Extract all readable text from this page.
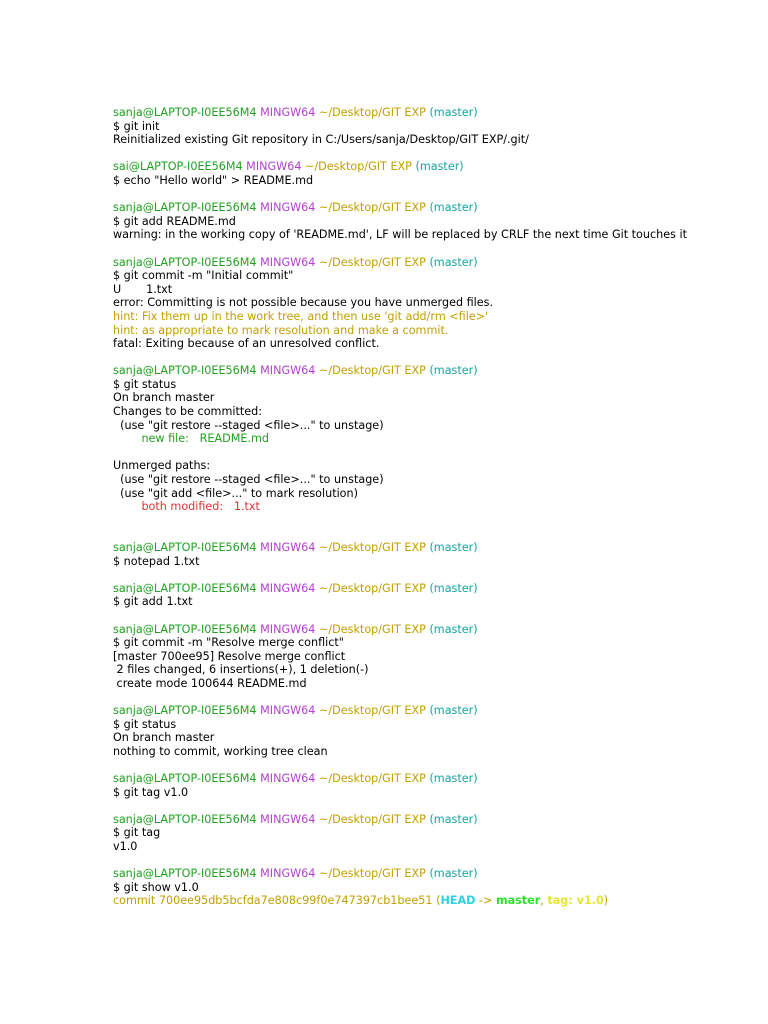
sanja@LAPTOP-I0EE56M4 MINGW64 ~/Desktop/GIT EXP (master)
$ git init
Reinitialized existing Git repository in C:/Users/sanja/Desktop/GIT EXP/.git/
sai@LAPTOP-I0EE56M4 MINGW64 ~/Desktop/GIT EXP (master)
$ echo "Hello world" > README.md
sanja@LAPTOP-I0EE56M4 MINGW64 ~/Desktop/GIT EXP (master)
$ git add README.md
warning: in the working copy of 'README.md', LF will be replaced by CRLF the next time Git touches it
sanja@LAPTOP-I0EE56M4 MINGW64 ~/Desktop/GIT EXP (master)
$ git commit -m "Initial commit"
U       1.txt
error: Committing is not possible because you have unmerged files.
hint: Fix them up in the work tree, and then use 'git add/rm <file>'
hint: as appropriate to mark resolution and make a commit.
fatal: Exiting because of an unresolved conflict.
sanja@LAPTOP-I0EE56M4 MINGW64 ~/Desktop/GIT EXP (master)
$ git status
On branch master
Changes to be committed:
(use "git restore --staged <file>..." to unstage)
new file:   README.md
Unmerged paths:
(use "git restore --staged <file>..." to unstage)
(use "git add <file>..." to mark resolution)
both modified:   1.txt
sanja@LAPTOP-I0EE56M4 MINGW64 ~/Desktop/GIT EXP (master)
$ notepad 1.txt
sanja@LAPTOP-I0EE56M4 MINGW64 ~/Desktop/GIT EXP (master)
$ git add 1.txt
sanja@LAPTOP-I0EE56M4 MINGW64 ~/Desktop/GIT EXP (master)
$ git commit -m "Resolve merge conflict"
[master 700ee95] Resolve merge conflict
2 files changed, 6 insertions(+), 1 deletion(-)
create mode 100644 README.md
sanja@LAPTOP-I0EE56M4 MINGW64 ~/Desktop/GIT EXP (master)
$ git status
On branch master
nothing to commit, working tree clean
sanja@LAPTOP-I0EE56M4 MINGW64 ~/Desktop/GIT EXP (master)
$ git tag v1.0
sanja@LAPTOP-I0EE56M4 MINGW64 ~/Desktop/GIT EXP (master)
$ git tag
v1.0
sanja@LAPTOP-I0EE56M4 MINGW64 ~/Desktop/GIT EXP (master)
$ git show v1.0
commit 700ee95db5bcfda7e808c99f0e747397cb1bee51 (HEAD -> master, tag: v1.0)
